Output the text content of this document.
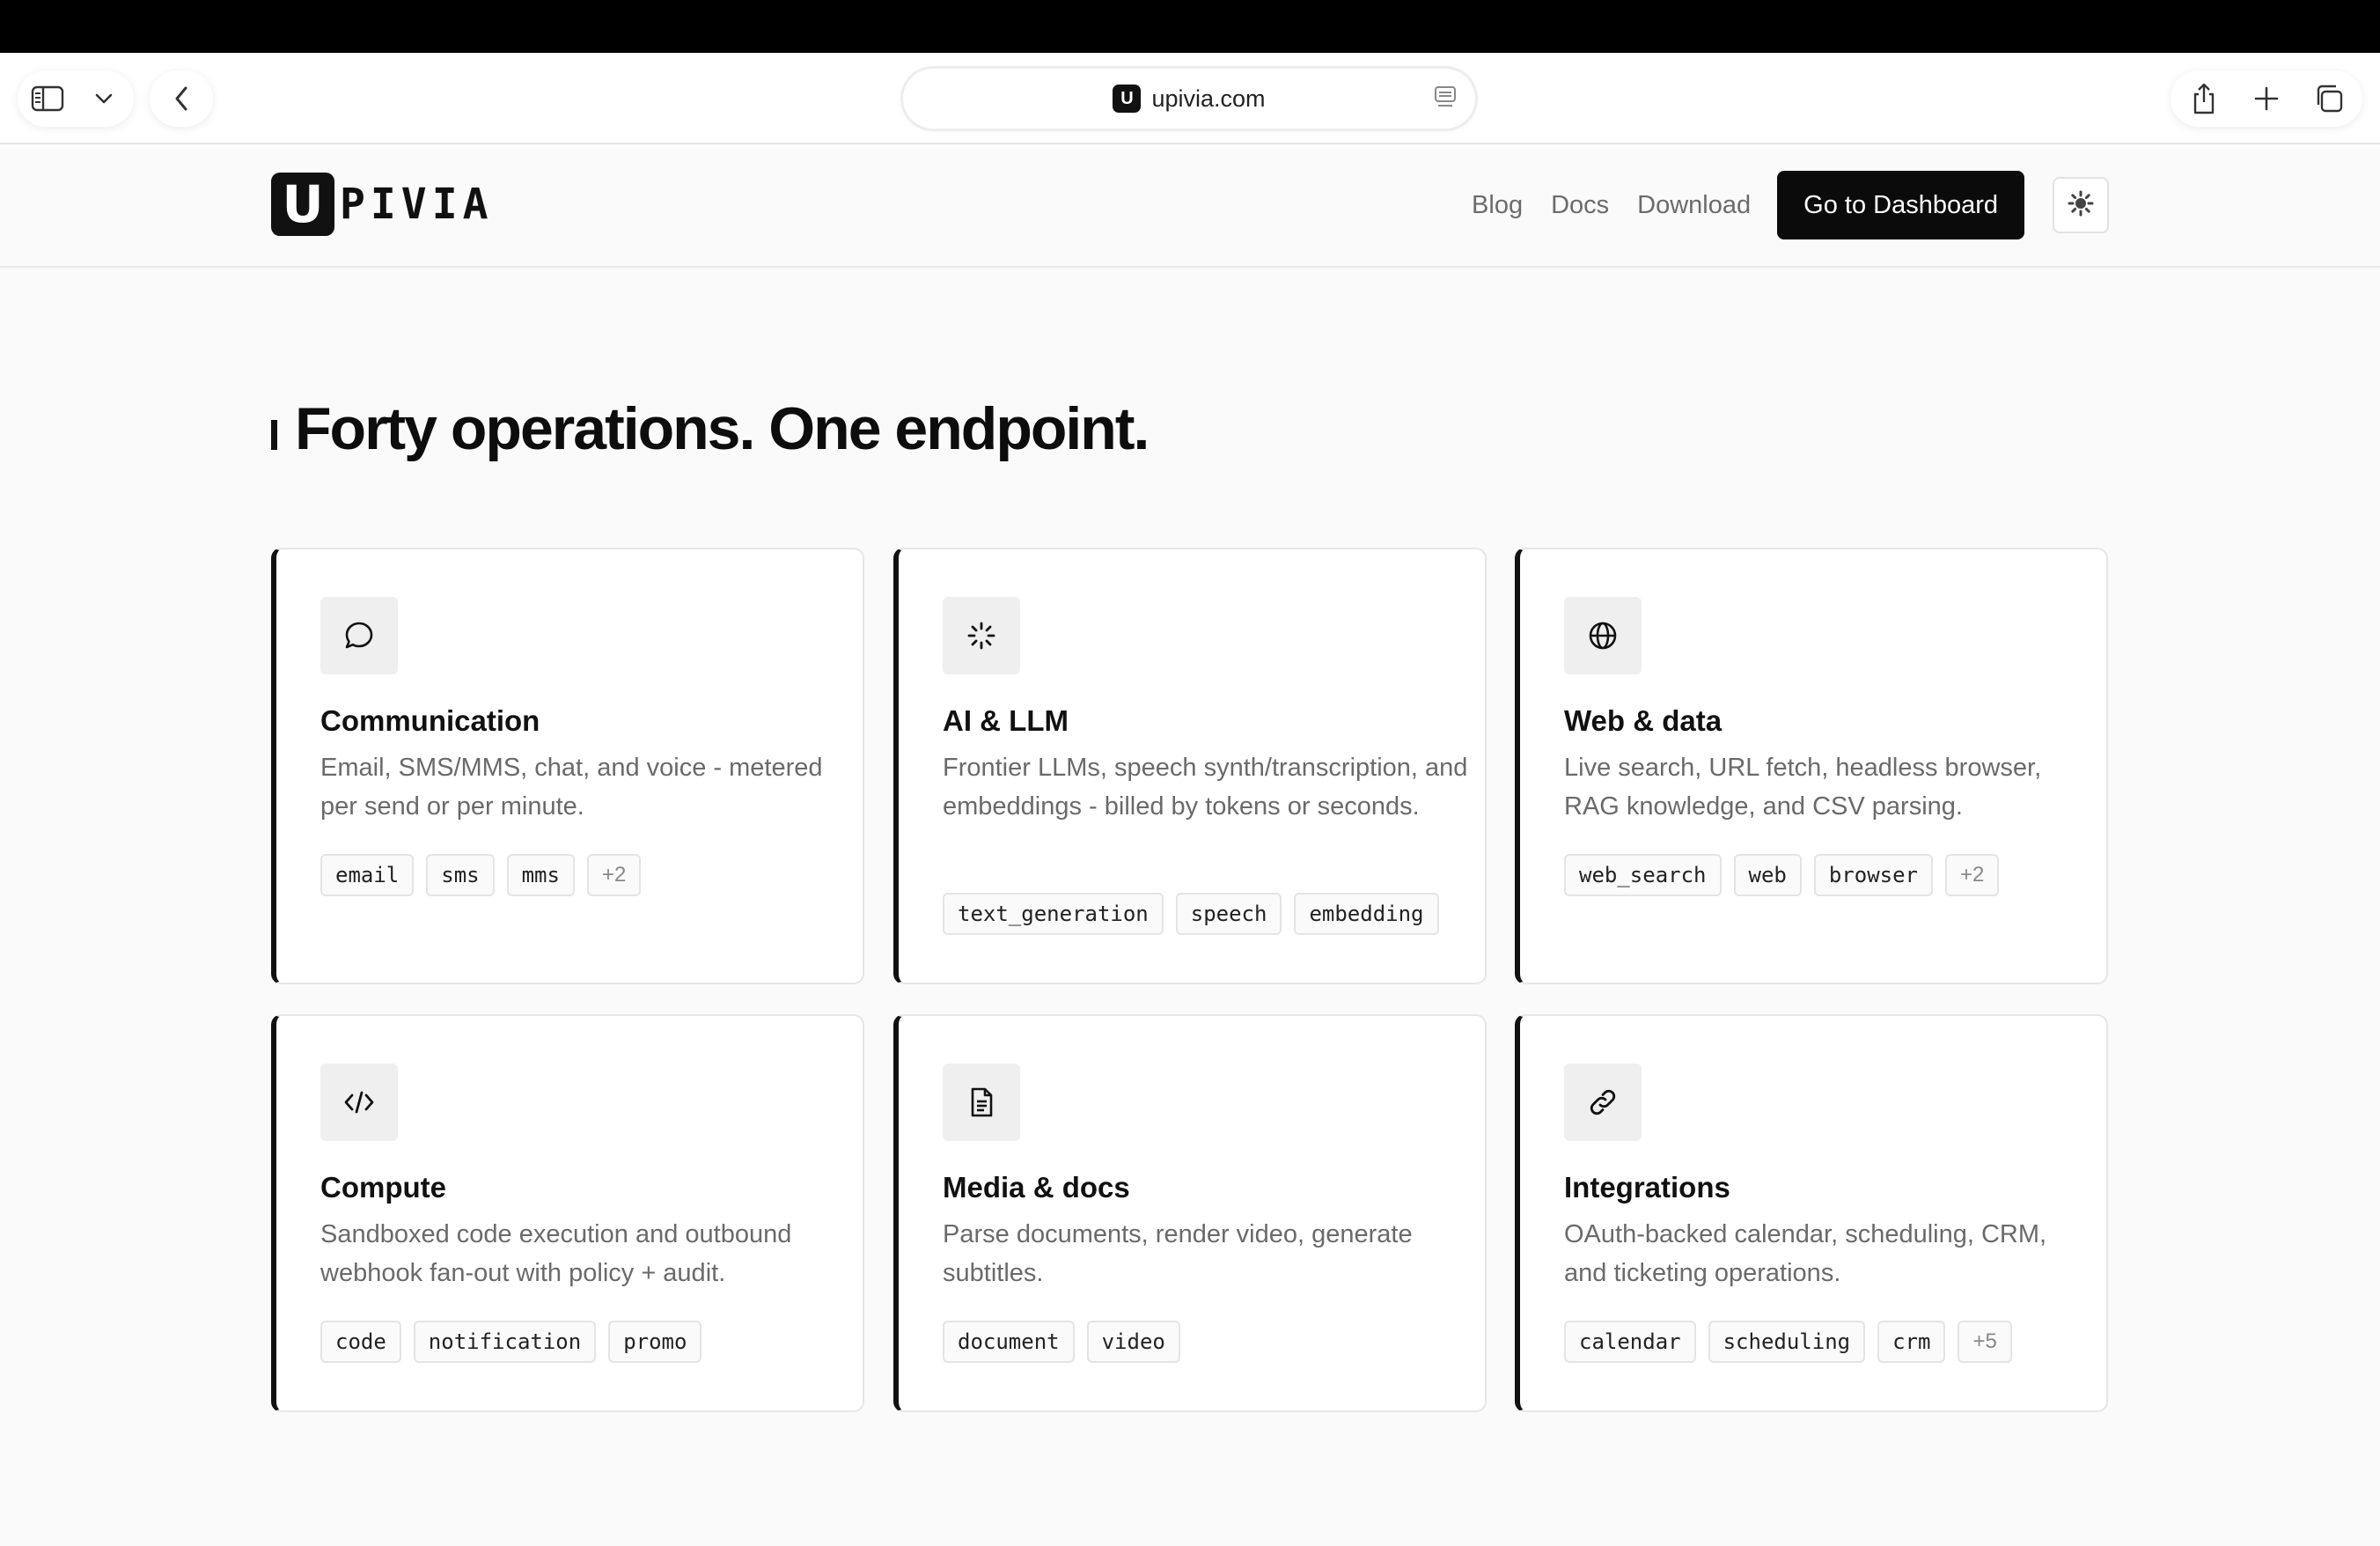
U upivia.com
U PIVIA	Blog Docs Download	Go to Dashboard
Forty operations. One endpoint.
Communication
Email, SMS/MMS, chat, and voice - metered per send or per minute.
email	sms	mms	+2
AI & LLM
Frontier LLMs, speech synth/transcription, and embeddings - billed by tokens or seconds.
text_generation	speech	embedding
Web & data
Live search, URL fetch, headless browser, RAG knowledge, and CSV parsing.
web_search	web	browser	+2
Compute
Sandboxed code execution and outbound webhook fan-out with policy + audit.
code	notification	promo
Media & docs
Parse documents, render video, generate subtitles.
document	video
Integrations
OAuth-backed calendar, scheduling, CRM, and ticketing operations.
calendar	scheduling	crm	+5
